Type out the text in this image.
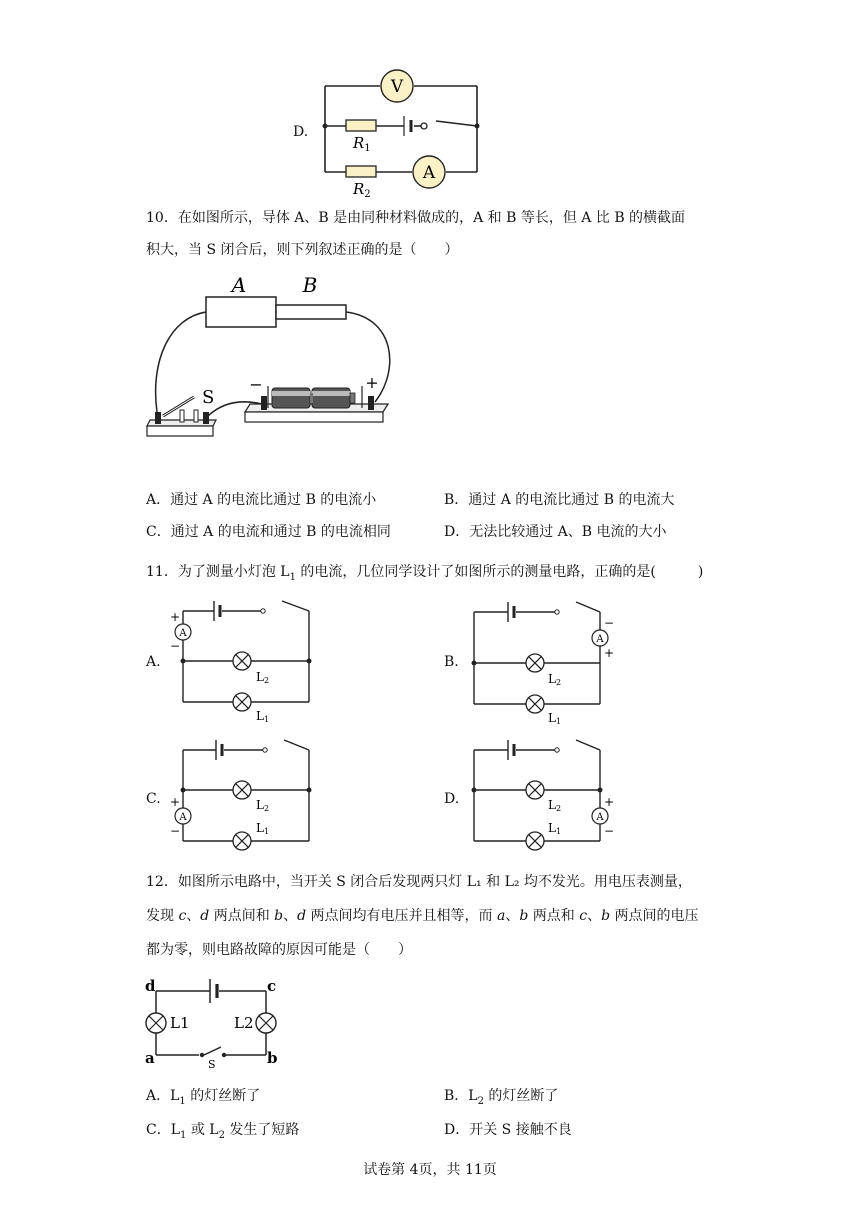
D.
V
A
$R_1$
$R_2$
10．在如图所示，导体 A、B 是由同种材料做成的，A 和 B 等长，但 A 比 B 的横截面
积大，当 S 闭合后，则下列叙述正确的是（　　）
A	B
S
−	+
A．通过 A 的电流比通过 B 的电流小	B．通过 A 的电流比通过 B 的电流大
C．通过 A 的电流和通过 B 的电流相同	D．无法比较通过 A、B 电流的大小
11．为了测量小灯泡 $L_1$ 的电流，几位同学设计了如图所示的测量电路，正确的是(　　　)
A.	B.
C.	D.
A
+
−
L2
L1
A
−
+
L2
L1
A
+
−
L2
L1
A
+
−
L2
L1
12．如图所示电路中，当开关 S 闭合后发现两只灯 L₁ 和 L₂ 均不发光。用电压表测量，
发现 c、d 两点间和 b、d 两点间均有电压并且相等，而 a、b 两点和 c、b 两点间的电压
都为零，则电路故障的原因可能是（　　）
d	c
a	b
L1	L2
S
A．$L_1$ 的灯丝断了	B．$L_2$ 的灯丝断了
C．$L_1$ 或 $L_2$ 发生了短路	D．开关 S 接触不良
试卷第 4页，共 11页
